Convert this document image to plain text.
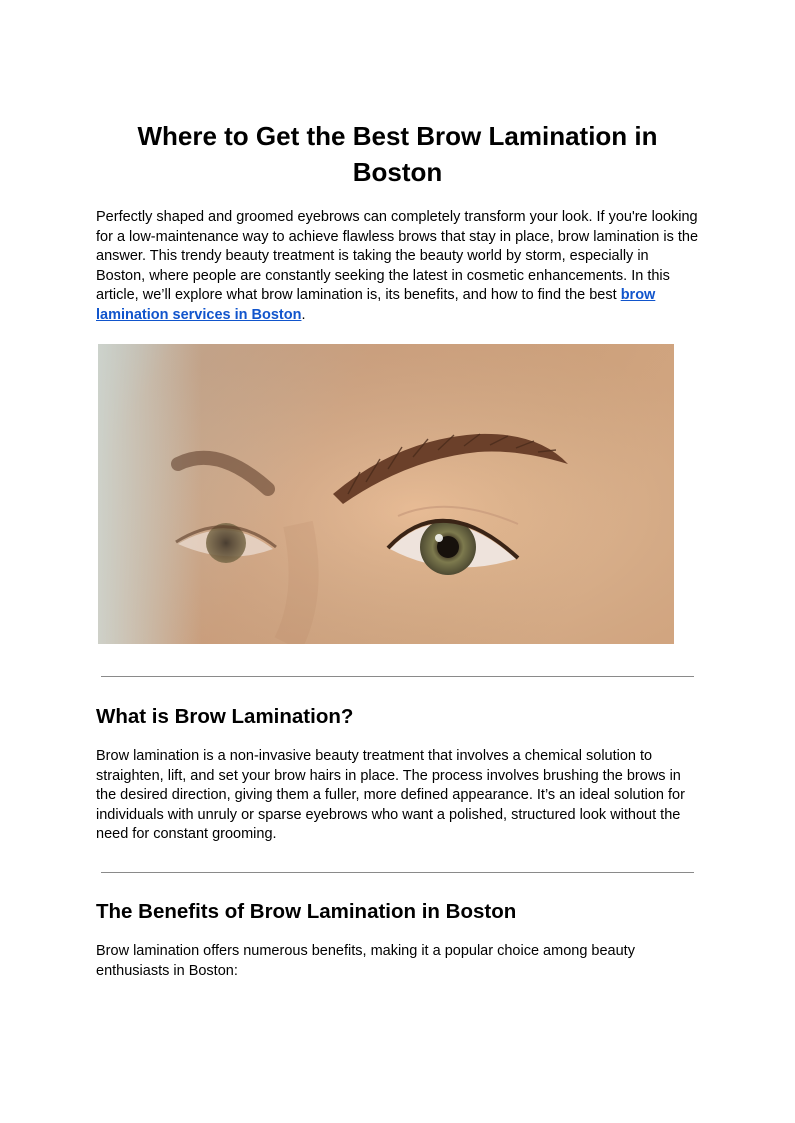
Where to Get the Best Brow Lamination in Boston

Perfectly shaped and groomed eyebrows can completely transform your look. If you're looking for a low-maintenance way to achieve flawless brows that stay in place, brow lamination is the answer. This trendy beauty treatment is taking the beauty world by storm, especially in Boston, where people are constantly seeking the latest in cosmetic enhancements. In this article, we’ll explore what brow lamination is, its benefits, and how to find the best brow lamination services in Boston.

What is Brow Lamination?

Brow lamination is a non-invasive beauty treatment that involves a chemical solution to straighten, lift, and set your brow hairs in place. The process involves brushing the brows in the desired direction, giving them a fuller, more defined appearance. It’s an ideal solution for individuals with unruly or sparse eyebrows who want a polished, structured look without the need for constant grooming.

The Benefits of Brow Lamination in Boston

Brow lamination offers numerous benefits, making it a popular choice among beauty enthusiasts in Boston:
